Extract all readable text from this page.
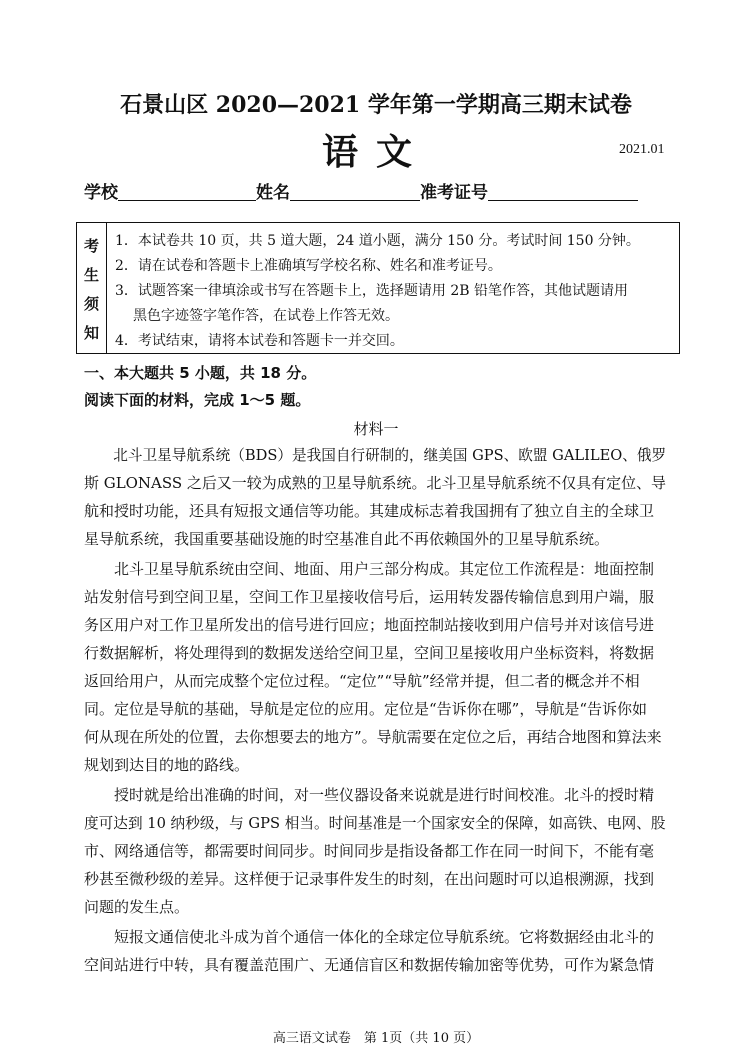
石景山区 2020—2021 学年第一学期高三期末试卷
语文	2021.01
学校	姓名	准考证号
考
生
须
知
1．本试卷共 10 页，共 5 道大题，24 道小题，满分 150 分。考试时间 150 分钟。
2．请在试卷和答题卡上准确填写学校名称、姓名和准考证号。
3．试题答案一律填涂或书写在答题卡上，选择题请用 2B 铅笔作答，其他试题请用
黑色字迹签字笔作答，在试卷上作答无效。
4．考试结束，请将本试卷和答题卡一并交回。
一、本大题共 5 小题，共 18 分。
阅读下面的材料，完成 1～5 题。
材料一
　　北斗卫星导航系统（BDS）是我国自行研制的，继美国 GPS、欧盟 GALILEO、俄罗
斯 GLONASS 之后又一较为成熟的卫星导航系统。北斗卫星导航系统不仅具有定位、导
航和授时功能，还具有短报文通信等功能。其建成标志着我国拥有了独立自主的全球卫
星导航系统，我国重要基础设施的时空基准自此不再依赖国外的卫星导航系统。
　　北斗卫星导航系统由空间、地面、用户三部分构成。其定位工作流程是：地面控制
站发射信号到空间卫星，空间工作卫星接收信号后，运用转发器传输信息到用户端，服
务区用户对工作卫星所发出的信号进行回应；地面控制站接收到用户信号并对该信号进
行数据解析，将处理得到的数据发送给空间卫星，空间卫星接收用户坐标资料，将数据
返回给用户，从而完成整个定位过程。“定位”“导航”经常并提，但二者的概念并不相
同。定位是导航的基础，导航是定位的应用。定位是“告诉你在哪”，导航是“告诉你如
何从现在所处的位置，去你想要去的地方”。导航需要在定位之后，再结合地图和算法来
规划到达目的地的路线。
　　授时就是给出准确的时间，对一些仪器设备来说就是进行时间校准。北斗的授时精
度可达到 10 纳秒级，与 GPS 相当。时间基准是一个国家安全的保障，如高铁、电网、股
市、网络通信等，都需要时间同步。时间同步是指设备都工作在同一时间下，不能有毫
秒甚至微秒级的差异。这样便于记录事件发生的时刻，在出问题时可以追根溯源，找到
问题的发生点。
　　短报文通信使北斗成为首个通信一体化的全球定位导航系统。它将数据经由北斗的
空间站进行中转，具有覆盖范围广、无通信盲区和数据传输加密等优势，可作为紧急情
高三语文试卷　第 1页（共 10 页）
